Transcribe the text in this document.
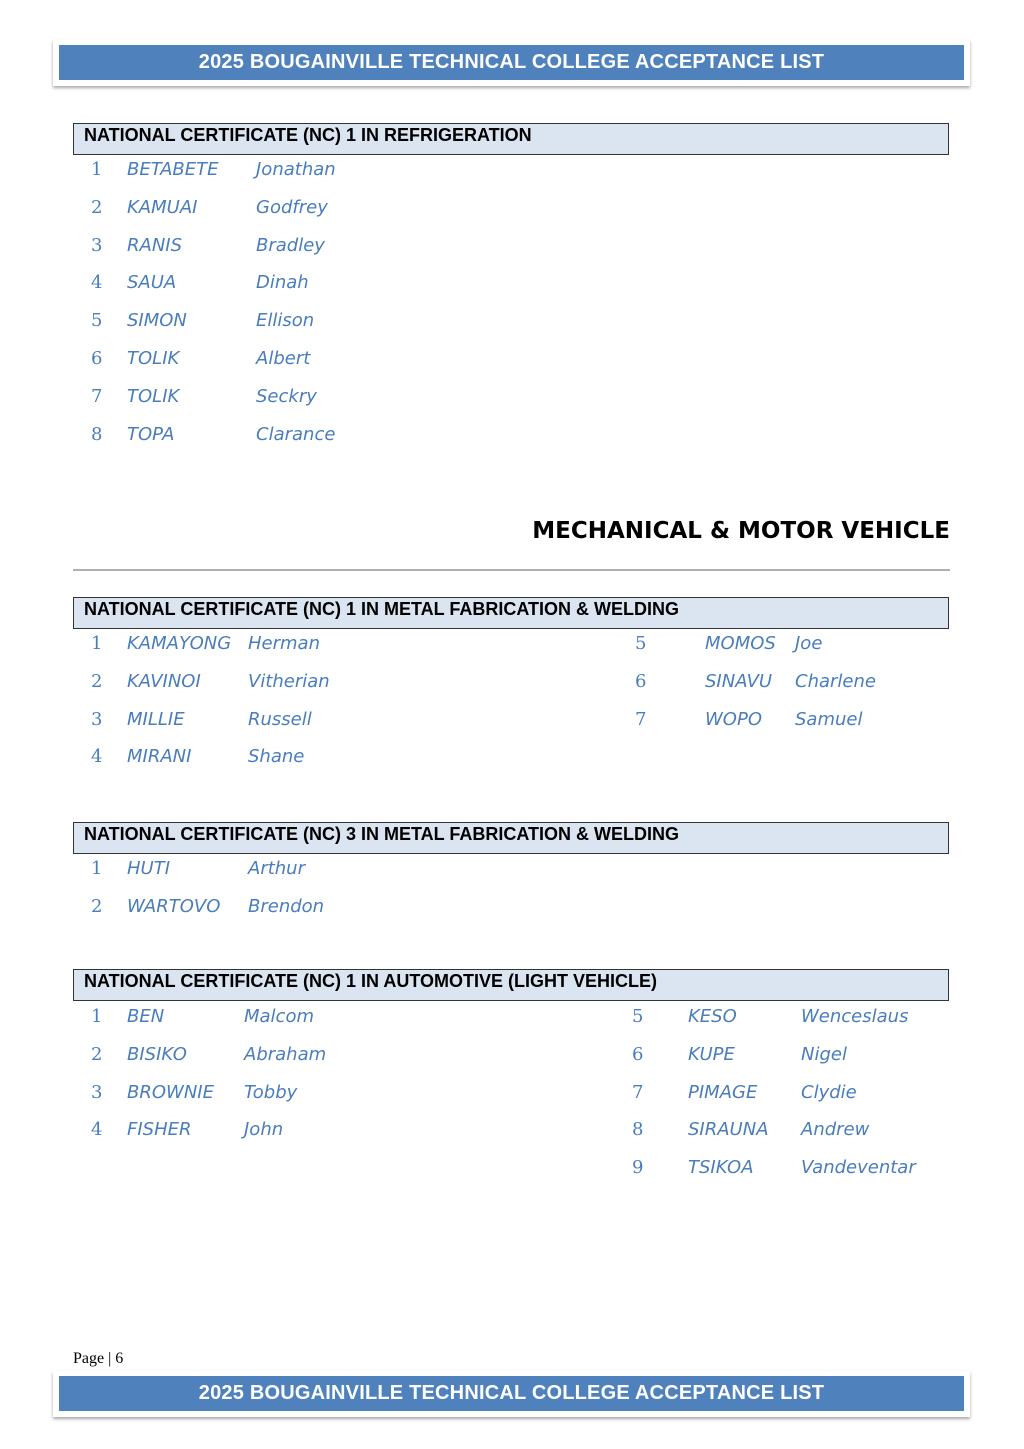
2025 BOUGAINVILLE TECHNICAL COLLEGE ACCEPTANCE LIST
NATIONAL CERTIFICATE (NC) 1 IN REFRIGERATION
MECHANICAL & MOTOR VEHICLE
NATIONAL CERTIFICATE (NC) 1 IN METAL FABRICATION & WELDING
NATIONAL CERTIFICATE (NC) 3 IN METAL FABRICATION & WELDING
NATIONAL CERTIFICATE (NC) 1 IN AUTOMOTIVE (LIGHT VEHICLE)
1 BETABETE Jonathan
2 KAMUAI	Godfrey
3 RANIS	Bradley
4 SAUA	Dinah
5 SIMON	Ellison
6 TOLIK	Albert
7 TOLIK	Seckry
8 TOPA	Clarance
1 KAMAYONG Herman
2 KAVINOI	Vitherian
3 MILLIE	Russell
4 MIRANI	Shane
5	MOMOS Joe
6	SINAVU Charlene
7	WOPO Samuel
1 HUTI	Arthur
2 WARTOVO Brendon
1 BEN	Malcom
2 BISIKO	Abraham
3 BROWNIE Tobby
4 FISHER	John
5 KESO	Wenceslaus
6 KUPE	Nigel
7 PIMAGE Clydie
8 SIRAUNA Andrew
9 TSIKOA	Vandeventar
Page | 6
2025 BOUGAINVILLE TECHNICAL COLLEGE ACCEPTANCE LIST
